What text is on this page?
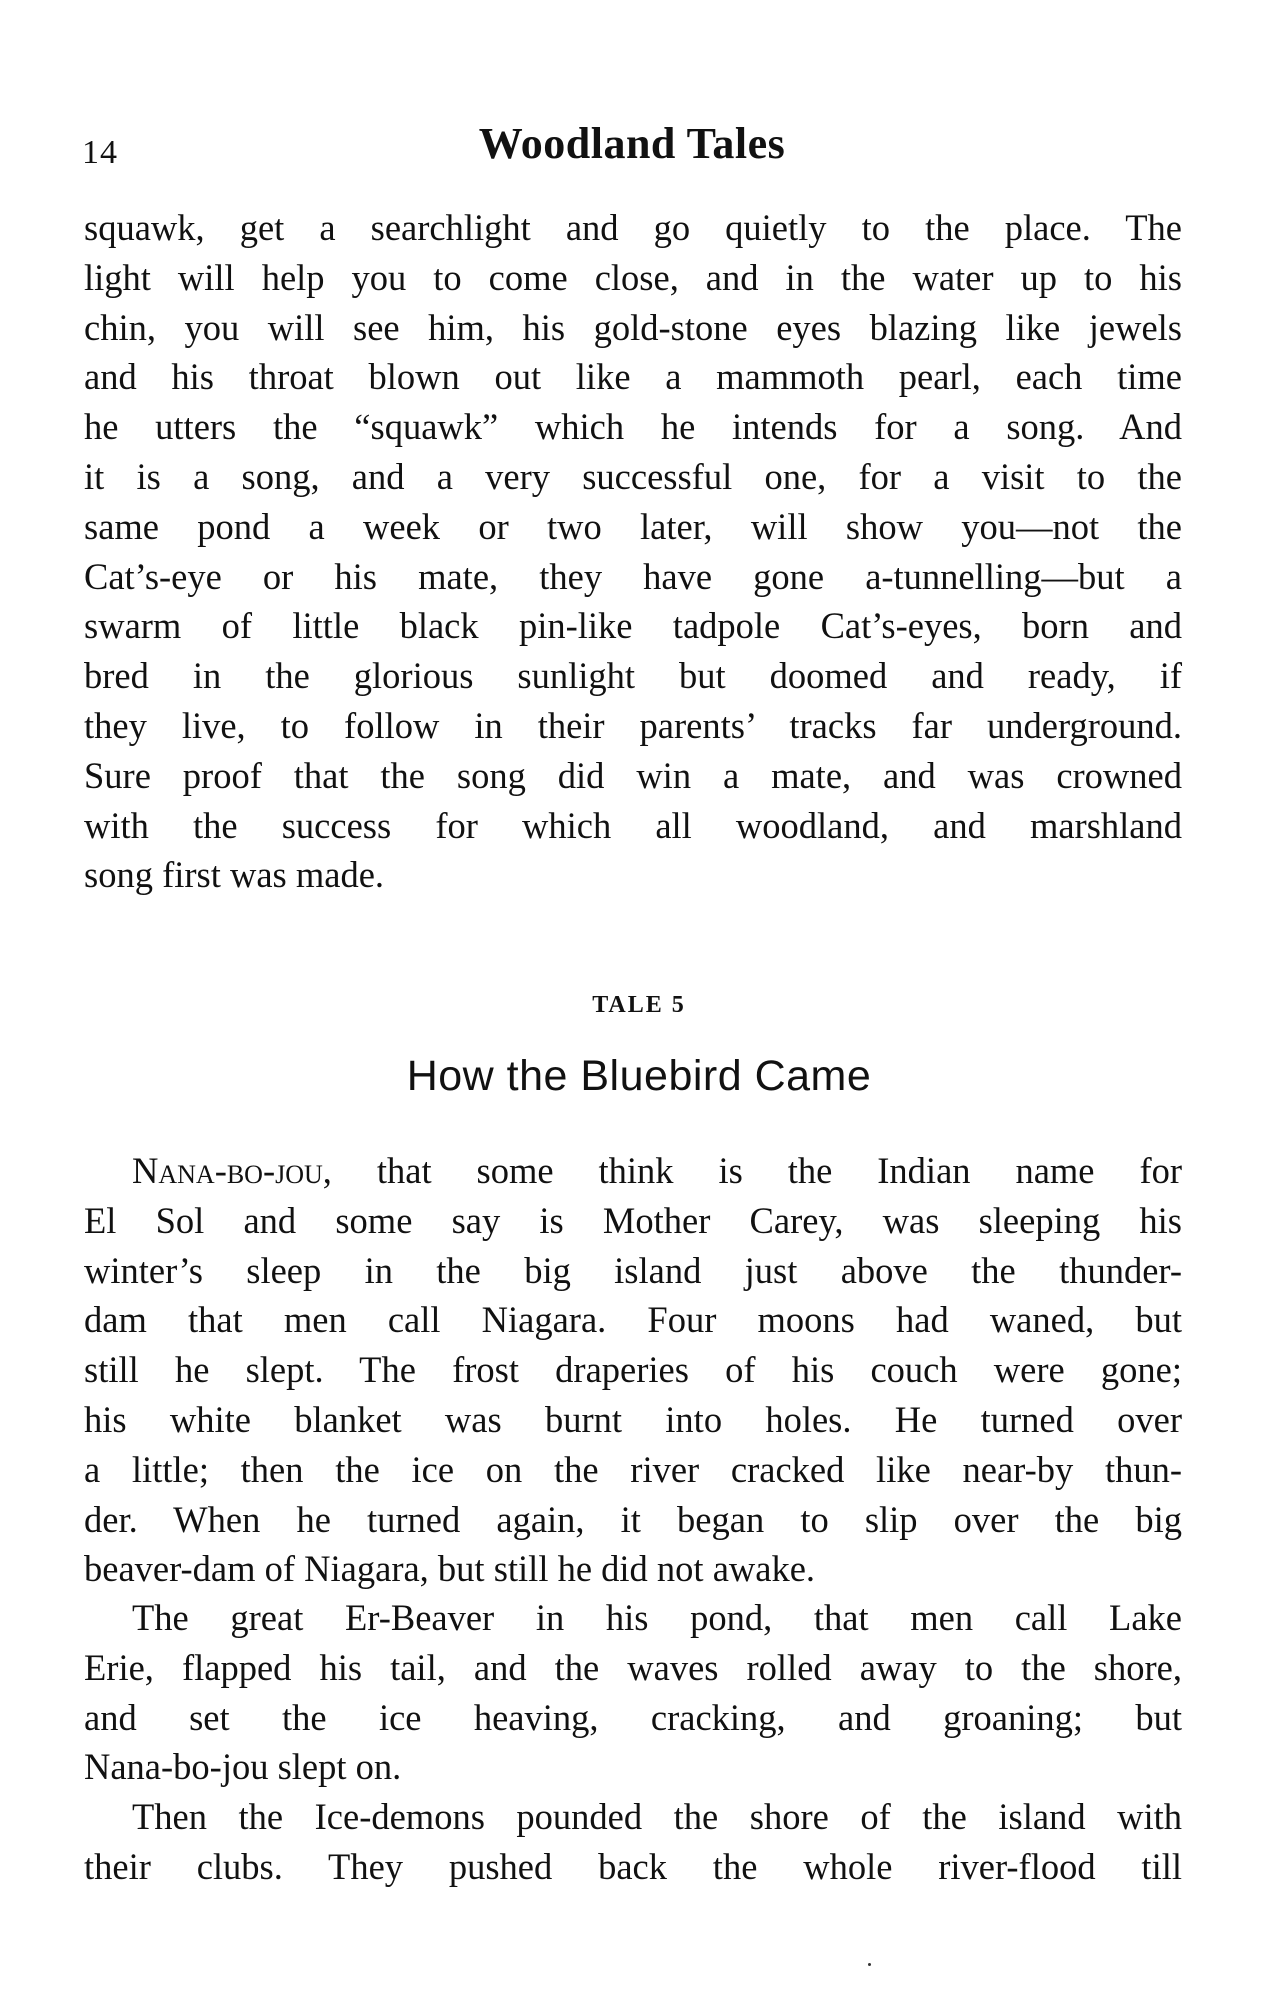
14	Woodland Tales
squawk, get a searchlight and go quietly to the place. The
light will help you to come close, and in the water up to his
chin, you will see him, his gold-stone eyes blazing like jewels
and his throat blown out like a mammoth pearl, each time
he utters the “squawk” which he intends for a song. And
it is a song, and a very successful one, for a visit to the
same pond a week or two later, will show you—not the
Cat’s-eye or his mate, they have gone a-tunnelling—but a
swarm of little black pin-like tadpole Cat’s-eyes, born and
bred in the glorious sunlight but doomed and ready, if
they live, to follow in their parents’ tracks far underground.
Sure proof that the song did win a mate, and was crowned
with the success for which all woodland, and marshland
song first was made.
TALE 5
How the Bluebird Came
Nana-bo-jou, that some think is the Indian name for
El Sol and some say is Mother Carey, was sleeping his
winter’s sleep in the big island just above the thunder-
dam that men call Niagara. Four moons had waned, but
still he slept. The frost draperies of his couch were gone;
his white blanket was burnt into holes. He turned over
a little; then the ice on the river cracked like near-by thun-
der. When he turned again, it began to slip over the big
beaver-dam of Niagara, but still he did not awake.
The great Er-Beaver in his pond, that men call Lake
Erie, flapped his tail, and the waves rolled away to the shore,
and set the ice heaving, cracking, and groaning; but
Nana-bo-jou slept on.
Then the Ice-demons pounded the shore of the island with
their clubs. They pushed back the whole river-flood till
